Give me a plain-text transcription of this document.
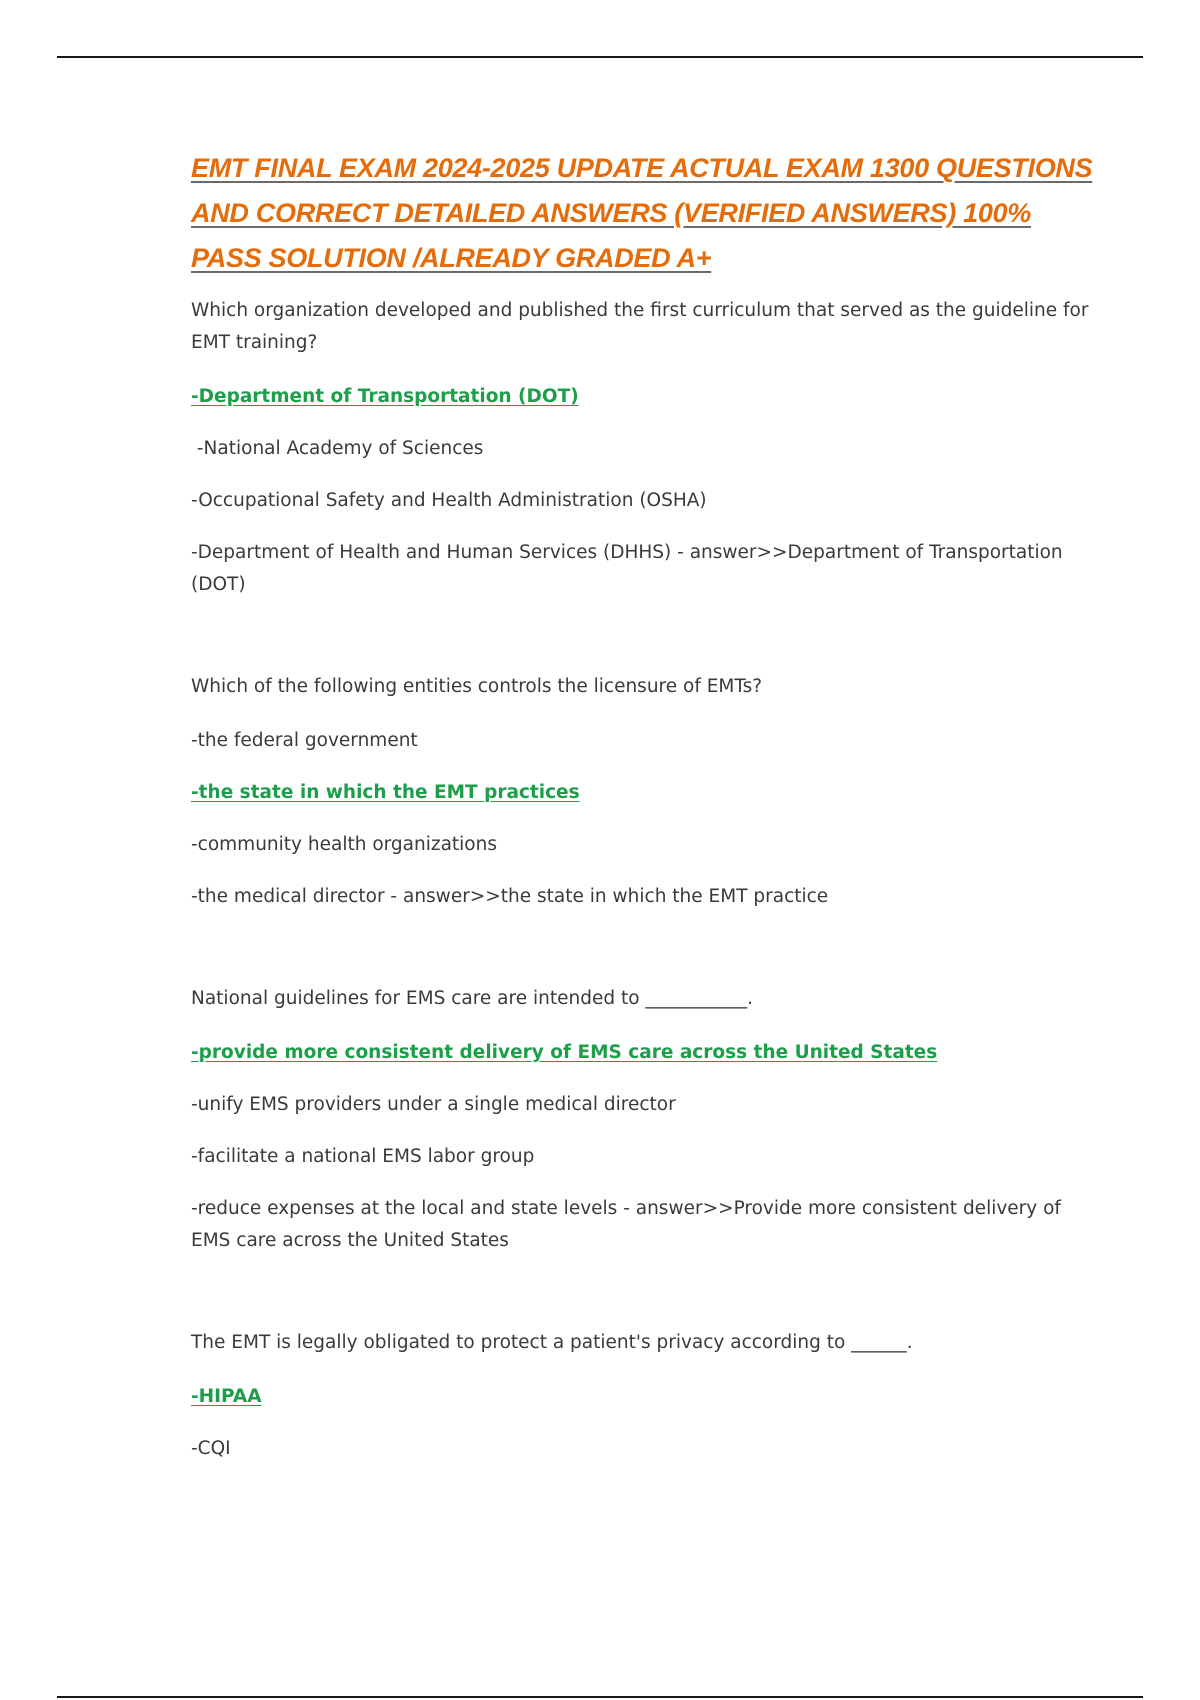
EMT FINAL EXAM 2024-2025 UPDATE ACTUAL EXAM 1300 QUESTIONS AND CORRECT DETAILED ANSWERS (VERIFIED ANSWERS) 100% PASS SOLUTION /ALREADY GRADED A+

Which organization developed and published the first curriculum that served as the guideline for EMT training?

-Department of Transportation (DOT)

-National Academy of Sciences

-Occupational Safety and Health Administration (OSHA)

-Department of Health and Human Services (DHHS) - answer>>Department of Transportation (DOT)

Which of the following entities controls the licensure of EMTs?

-the federal government

-the state in which the EMT practices

-community health organizations

-the medical director - answer>>the state in which the EMT practice

National guidelines for EMS care are intended to ___________.

-provide more consistent delivery of EMS care across the United States

-unify EMS providers under a single medical director

-facilitate a national EMS labor group

-reduce expenses at the local and state levels - answer>>Provide more consistent delivery of EMS care across the United States

The EMT is legally obligated to protect a patient's privacy according to ______.

-HIPAA

-CQI
